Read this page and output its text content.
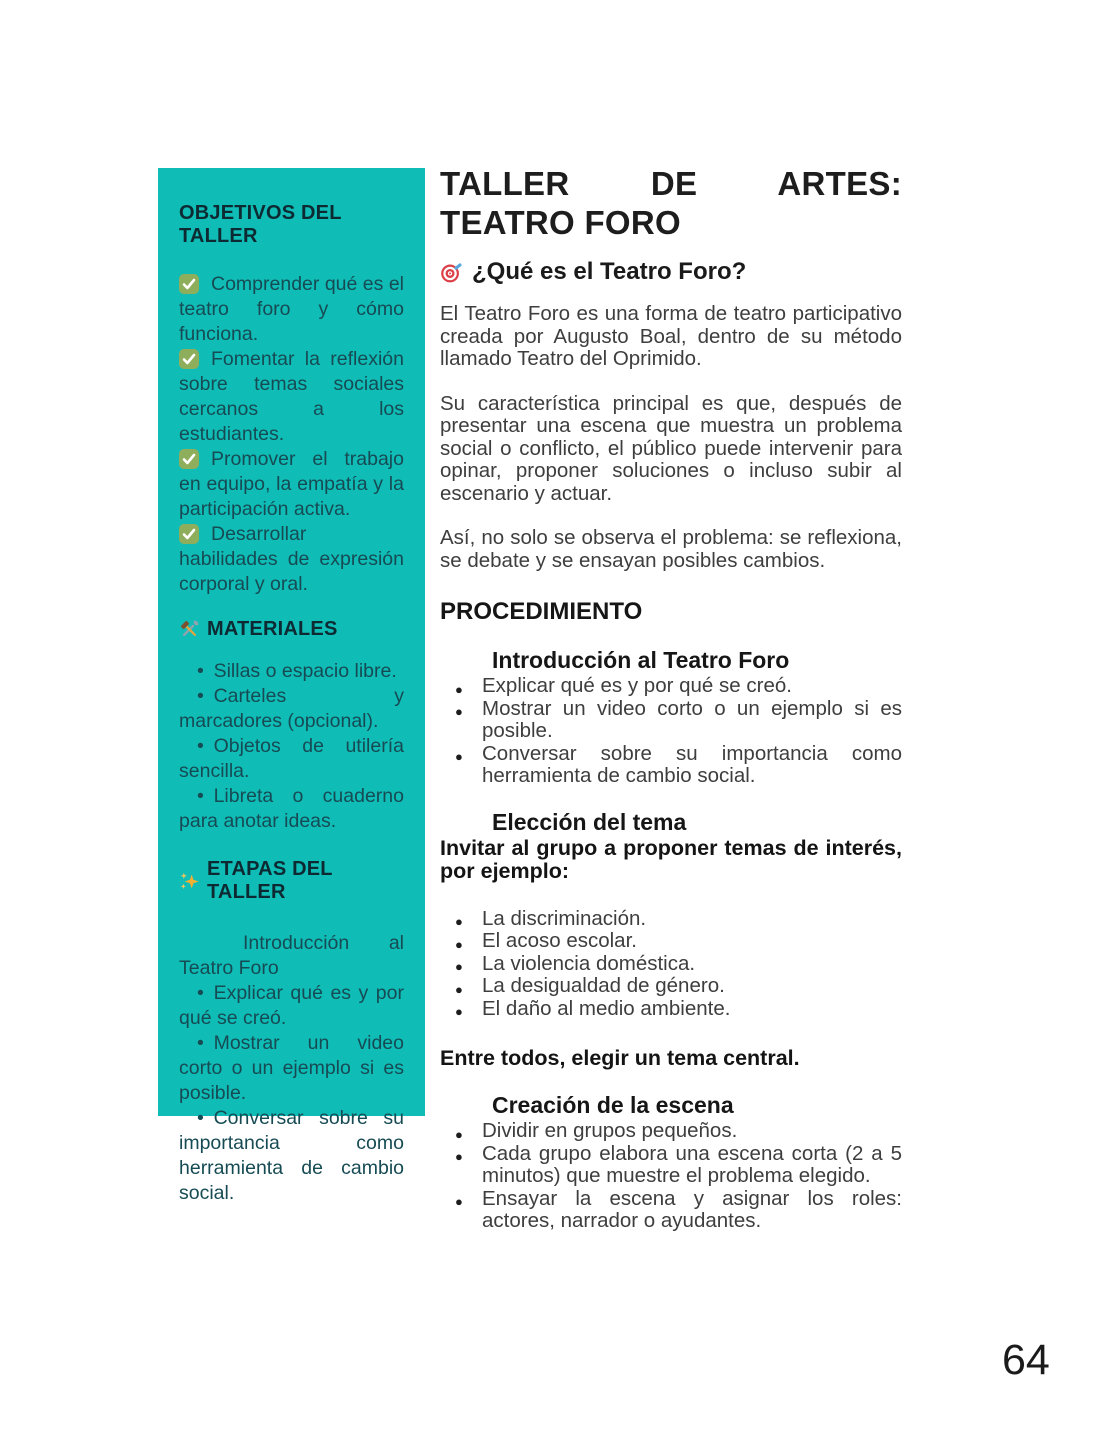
OBJETIVOS DEL TALLER

Comprender qué es el teatro foro y cómo funciona.

Fomentar la reflexión sobre temas sociales cercanos a los estudiantes.

Promover el trabajo en equipo, la empatía y la participación activa.

Desarrollar habilidades de expresión corporal y oral.

MATERIALES

• Sillas o espacio libre.

• Carteles y marcadores (opcional).

• Objetos de utilería sencilla.

• Libreta o cuaderno para anotar ideas.

ETAPAS DEL TALLER

Introducción al Teatro Foro

• Explicar qué es y por qué se creó.

• Mostrar un video corto o un ejemplo si es posible.

• Conversar sobre su importancia como herramienta de cambio social.

TALLER DE ARTES: TEATRO FORO
¿Qué es el Teatro Foro?

El Teatro Foro es una forma de teatro participativo creada por Augusto Boal, dentro de su método llamado Teatro del Oprimido.

Su característica principal es que, después de presentar una escena que muestra un problema social o conflicto, el público puede intervenir para opinar, proponer soluciones o incluso subir al escenario y actuar.

Así, no solo se observa el problema: se reflexiona, se debate y se ensayan posibles cambios.

PROCEDIMIENTO
Introducción al Teatro Foro
● Explicar qué es y por qué se creó.
● Mostrar un video corto o un ejemplo si es posible.
● Conversar sobre su importancia como herramienta de cambio social.
Elección del tema

Invitar al grupo a proponer temas de interés, por ejemplo:

● La discriminación.
● El acoso escolar.
● La violencia doméstica.
● La desigualdad de género.
● El daño al medio ambiente.

Entre todos, elegir un tema central.

Creación de la escena
● Dividir en grupos pequeños.
● Cada grupo elabora una escena corta (2 a 5 minutos) que muestre el problema elegido.
● Ensayar la escena y asignar los roles: actores, narrador o ayudantes.
64
